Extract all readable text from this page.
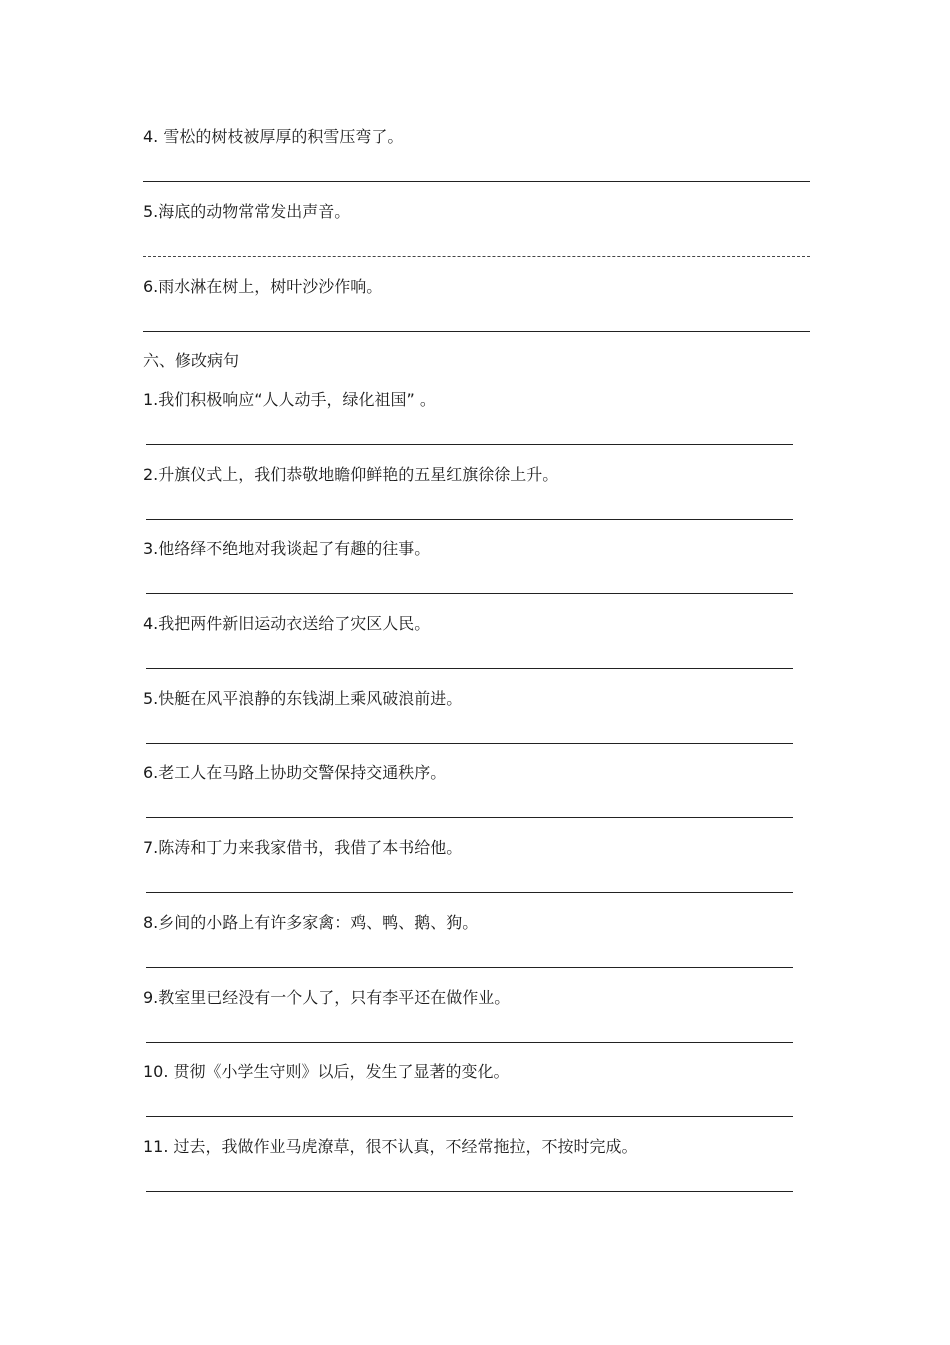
4. 雪松的树枝被厚厚的积雪压弯了。
5.海底的动物常常发出声音。
6.雨水淋在树上，树叶沙沙作响。
六、修改病句
1.我们积极响应“人人动手，绿化祖国” 。
2.升旗仪式上，我们恭敬地瞻仰鲜艳的五星红旗徐徐上升。
3.他络绎不绝地对我谈起了有趣的往事。
4.我把两件新旧运动衣送给了灾区人民。
5.快艇在风平浪静的东钱湖上乘风破浪前进。
6.老工人在马路上协助交警保持交通秩序。
7.陈涛和丁力来我家借书，我借了本书给他。
8.乡间的小路上有许多家禽：鸡、鸭、鹅、狗。
9.教室里已经没有一个人了，只有李平还在做作业。
10. 贯彻《小学生守则》以后，发生了显著的变化。
11. 过去，我做作业马虎潦草，很不认真，不经常拖拉，不按时完成。
